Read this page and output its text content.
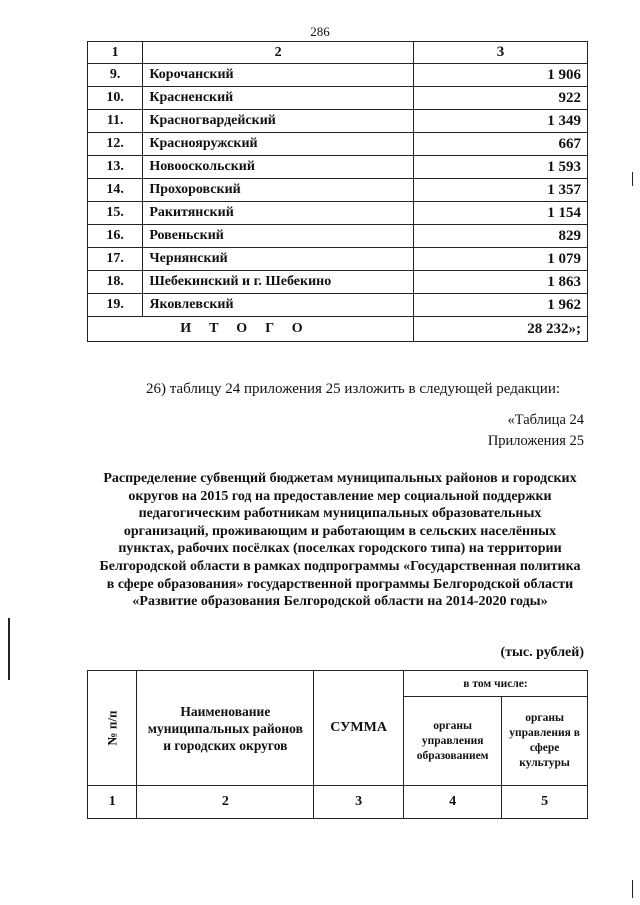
286
1	2	3
9.	Корочанский	1 906
10.	Красненский	922
11.	Красногвардейский	1 349
12.	Краснояружский	667
13.	Новооскольский	1 593
14.	Прохоровский	1 357
15.	Ракитянский	1 154
16.	Ровеньский	829
17.	Чернянский	1 079
18.	Шебекинский и г. Шебекино	1 863
19.	Яковлевский	1 962
ИТОГО		28 232»;
26) таблицу 24 приложения 25 изложить в следующей редакции:
«Таблица 24
Приложения 25
Распределение субвенций бюджетам муниципальных районов и городских округов на 2015 год на предоставление мер социальной поддержки педагогическим работникам муниципальных образовательных организаций, проживающим и работающим в сельских населённых пунктах, рабочих посёлках (поселках городского типа) на территории Белгородской области в рамках подпрограммы «Государственная политика в сфере образования» государственной программы Белгородской области «Развитие образования Белгородской области на 2014-2020 годы»
(тыс. рублей)
№ п/п	Наименование муниципальных районов и городских округов	СУММА	в том числе:	
			органы управления образованием	органы управления в сфере культуры
1	2	3	4	5
